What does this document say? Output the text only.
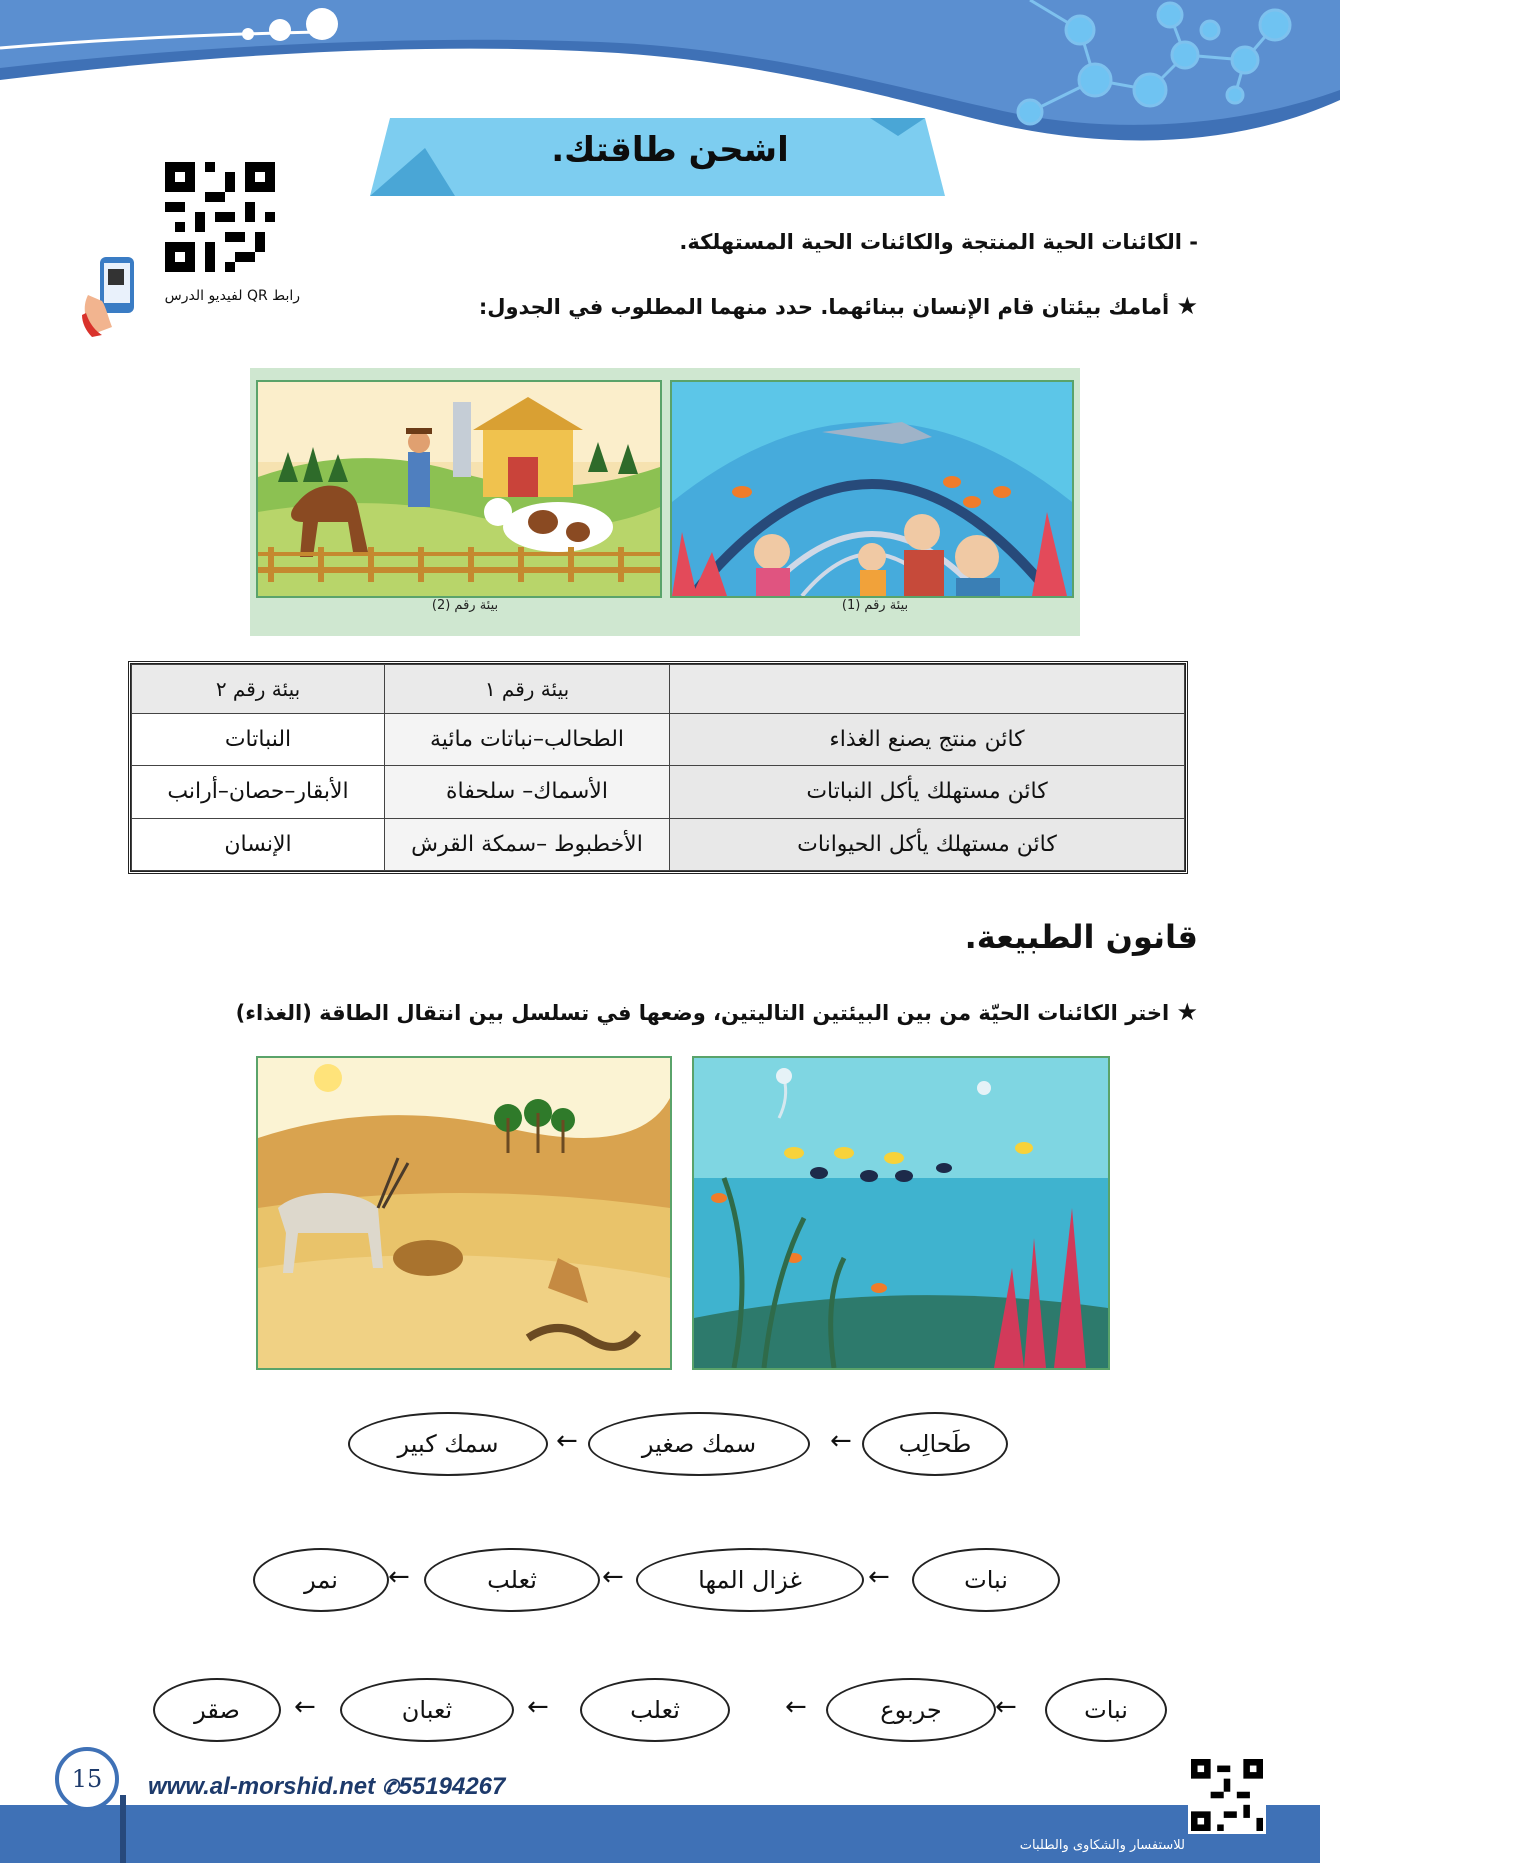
اشحن طاقتك.
رابط QR لفيديو الدرس
- الكائنات الحية المنتجة والكائنات الحية المستهلكة.
★ أمامك بيئتان قام الإنسان ببنائهما. حدد منهما المطلوب في الجدول:
بيئة رقم (2)	بيئة رقم (1)
	بيئة رقم ١	بيئة رقم ٢
كائن منتج يصنع الغذاء	الطحالب–نباتات مائية	النباتات
كائن مستهلك يأكل النباتات	الأسماك– سلحفاة	الأبقار–حصان–أرانب
كائن مستهلك يأكل الحيوانات	الأخطبوط –سمكة القرش	الإنسان
قانون الطبيعة.
★ اختر الكائنات الحيّة من بين البيئتين التاليتين، وضعها في تسلسل بين انتقال الطاقة (الغذاء)
طَحالِب
سمك صغير
سمك كبير	←
←
نبات
غزال المها
ثعلب
نمر	←
←
←
نبات
جربوع
ثعلب
ثعبان
صقر	←
←
←
←
15 www.al-morshid.net ✆55194267
للاستفسار والشكاوى والطلبات
